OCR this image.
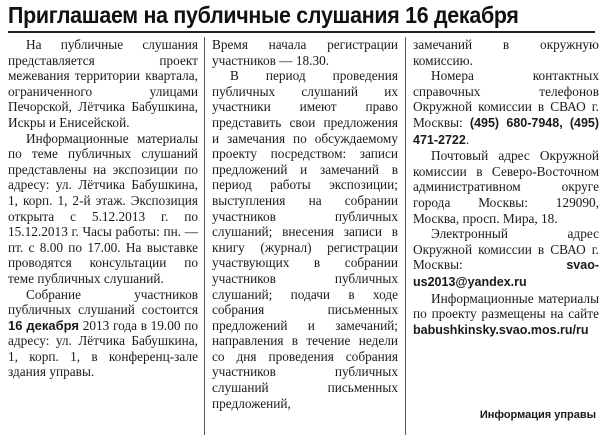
Приглашаем на публичные слушания 16 декабря

На публичные слушания представляется проект межевания территории квартала, ограниченного улицами Печорской, Лётчика Бабушкина, Искры и Енисейской.

Информационные материалы по теме публичных слушаний представлены на экспозиции по адресу: ул. Лётчика Бабушкина, 1, корп. 1, 2-й этаж. Экспозиция открыта с 5.12.2013 г. по 15.12.2013 г. Часы работы: пн. — пт. с 8.00 по 17.00. На выставке проводятся консультации по теме публичных слушаний.

Собрание участников публичных слушаний состоится 16 декабря 2013 года в 19.00 по адресу: ул. Лётчика Бабушкина, 1, корп. 1, в конференц-зале здания управы.

Время начала регистрации участников — 18.30.

В период проведения публичных слушаний их участники имеют право представить свои предложения и замечания по обсуждаемому проекту посредством: записи предложений и замечаний в период работы экспозиции; выступления на собрании участников публичных слушаний; внесения записи в книгу (журнал) регистрации участвующих в собрании участников публичных слушаний; подачи в ходе собрания письменных предложений и замечаний; направления в течение недели со дня проведения собрания участников публичных слушаний письменных предложений,

замечаний в окружную комиссию.

Номера контактных справочных телефонов Окружной комиссии в СВАО г. Москвы: (495) 680-7948, (495) 471-2722.

Почтовый адрес Окружной комиссии в Северо-Восточном административном округе города Москвы: 129090, Москва, просп. Мира, 18.

Электронный адрес Окружной комиссии в СВАО г. Москвы:	svao-us2013@yandex.ru

Информационные материалы по проекту размещены на сайте babushkinsky.svao.mos.ru/ru

Информация управы
